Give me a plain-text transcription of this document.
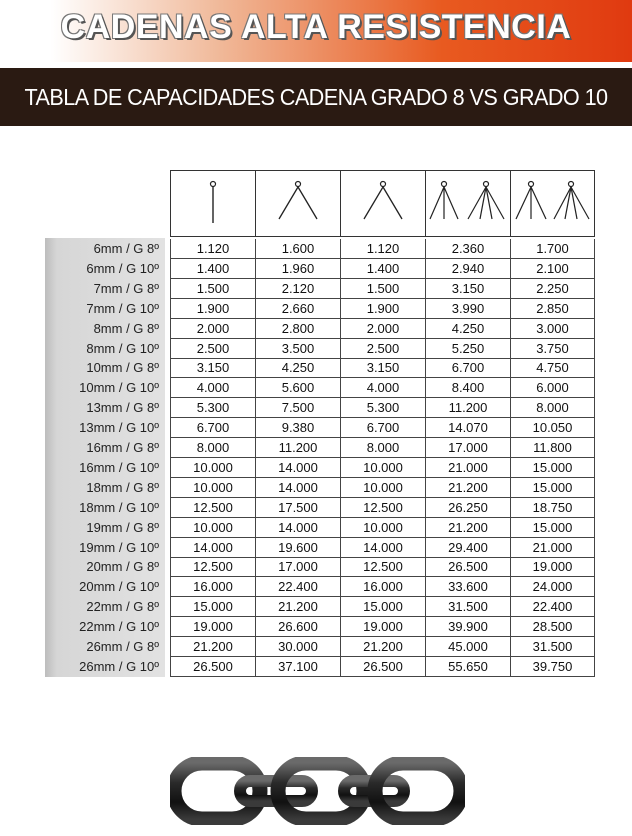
CADENAS ALTA RESISTENCIA
TABLA DE CAPACIDADES CADENA GRADO 8 VS GRADO 10
6mm / G 8º	1.120	1.600	1.120	2.360	1.700
6mm / G 10º	1.400	1.960	1.400	2.940	2.100
7mm / G 8º	1.500	2.120	1.500	3.150	2.250
7mm / G 10º	1.900	2.660	1.900	3.990	2.850
8mm / G 8º	2.000	2.800	2.000	4.250	3.000
8mm / G 10º	2.500	3.500	2.500	5.250	3.750
10mm / G 8º	3.150	4.250	3.150	6.700	4.750
10mm / G 10º	4.000	5.600	4.000	8.400	6.000
13mm / G 8º	5.300	7.500	5.300	11.200	8.000
13mm / G 10º	6.700	9.380	6.700	14.070	10.050
16mm / G 8º	8.000	11.200	8.000	17.000	11.800
16mm / G 10º	10.000	14.000	10.000	21.000	15.000
18mm / G 8º	10.000	14.000	10.000	21.200	15.000
18mm / G 10º	12.500	17.500	12.500	26.250	18.750
19mm / G 8º	10.000	14.000	10.000	21.200	15.000
19mm / G 10º	14.000	19.600	14.000	29.400	21.000
20mm / G 8º	12.500	17.000	12.500	26.500	19.000
20mm / G 10º	16.000	22.400	16.000	33.600	24.000
22mm / G 8º	15.000	21.200	15.000	31.500	22.400
22mm / G 10º	19.000	26.600	19.000	39.900	28.500
26mm / G 8º	21.200	30.000	21.200	45.000	31.500
26mm / G 10º	26.500	37.100	26.500	55.650	39.750
